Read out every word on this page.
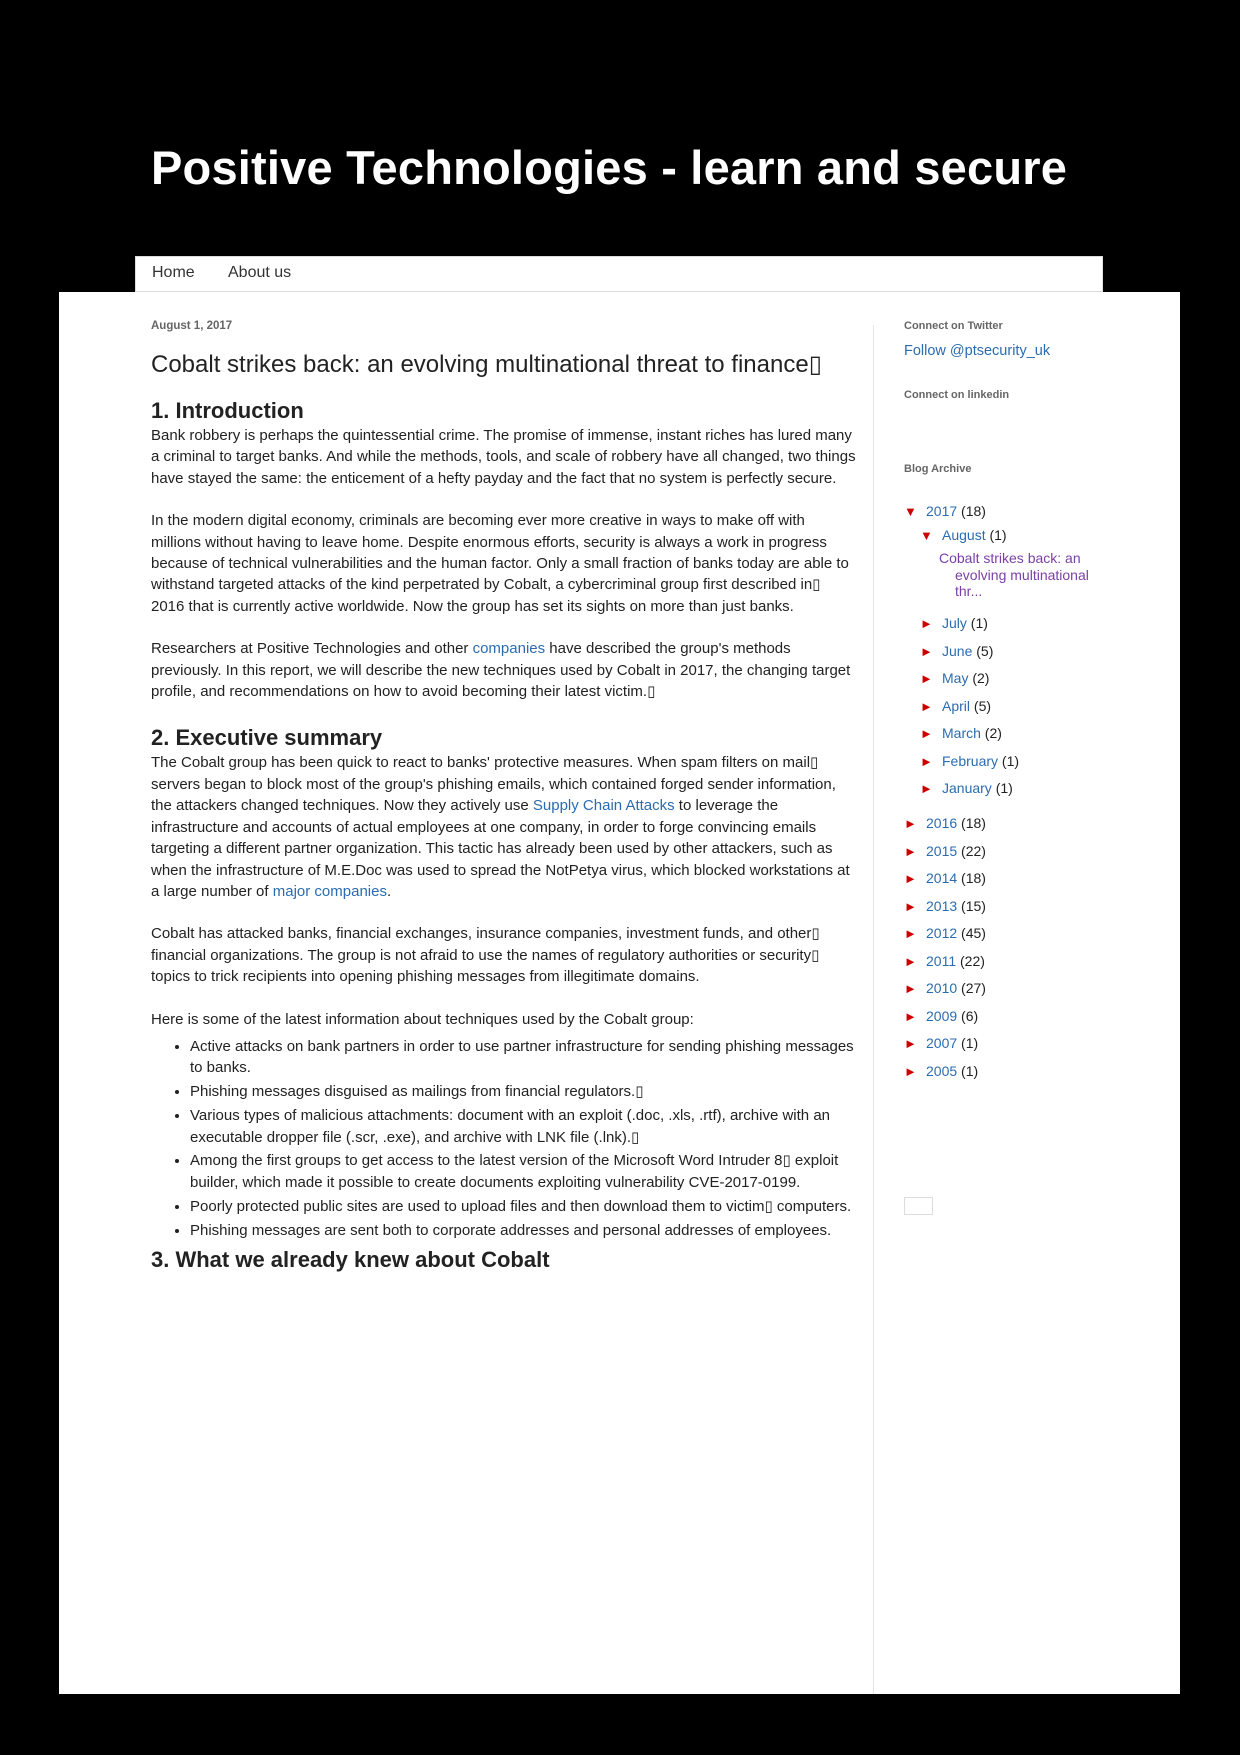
Positive Technologies - learn and secure
Home About us

August 1, 2017

Cobalt strikes back: an evolving multinational threat to finance▯
1. Introduction

Bank robbery is perhaps the quintessential crime. The promise of immense, instant riches has lured many a criminal to target banks. And while the methods, tools, and scale of robbery have all changed, two things have stayed the same: the enticement of a hefty payday and the fact that no system is perfectly secure.

In the modern digital economy, criminals are becoming ever more creative in ways to make off with millions without having to leave home. Despite enormous efforts, security is always a work in progress because of technical vulnerabilities and the human factor. Only a small fraction of banks today are able to withstand targeted attacks of the kind perpetrated by Cobalt, a cybercriminal group first described in▯ 2016 that is currently active worldwide. Now the group has set its sights on more than just banks.

Researchers at Positive Technologies and other companies have described the group's methods previously. In this report, we will describe the new techniques used by Cobalt in 2017, the changing target profile, and recommendations on how to avoid becoming their latest victim.▯

2. Executive summary

The Cobalt group has been quick to react to banks' protective measures. When spam filters on mail▯ servers began to block most of the group's phishing emails, which contained forged sender information, the attackers changed techniques. Now they actively use Supply Chain Attacks to leverage the infrastructure and accounts of actual employees at one company, in order to forge convincing emails targeting a different partner organization. This tactic has already been used by other attackers, such as when the infrastructure of M.E.Doc was used to spread the NotPetya virus, which blocked workstations at a large number of major companies.

Cobalt has attacked banks, financial exchanges, insurance companies, investment funds, and other▯ financial organizations. The group is not afraid to use the names of regulatory authorities or security▯ topics to trick recipients into opening phishing messages from illegitimate domains.

Here is some of the latest information about techniques used by the Cobalt group:

• Active attacks on bank partners in order to use partner infrastructure for sending phishing messages to banks.
• Phishing messages disguised as mailings from financial regulators.▯
• Various types of malicious attachments: document with an exploit (.doc, .xls, .rtf), archive with an executable dropper file (.scr, .exe), and archive with LNK file (.lnk).▯
• Among the first groups to get access to the latest version of the Microsoft Word Intruder 8▯ exploit builder, which made it possible to create documents exploiting vulnerability CVE-2017-0199.
• Poorly protected public sites are used to upload files and then download them to victim▯ computers.
• Phishing messages are sent both to corporate addresses and personal addresses of employees.
3. What we already knew about Cobalt

Connect on Twitter

Follow @ptsecurity_uk

Connect on linkedin

Blog Archive

▼ 2017 (18)
▼ August (1)
Cobalt strikes back: an evolving multinational thr...
► July (1)
► June (5)
► May (2)
► April (5)
► March (2)
► February (1)
► January (1)
► 2016 (18)
► 2015 (22)
► 2014 (18)
► 2013 (15)
► 2012 (45)
► 2011 (22)
► 2010 (27)
► 2009 (6)
► 2007 (1)
► 2005 (1)
